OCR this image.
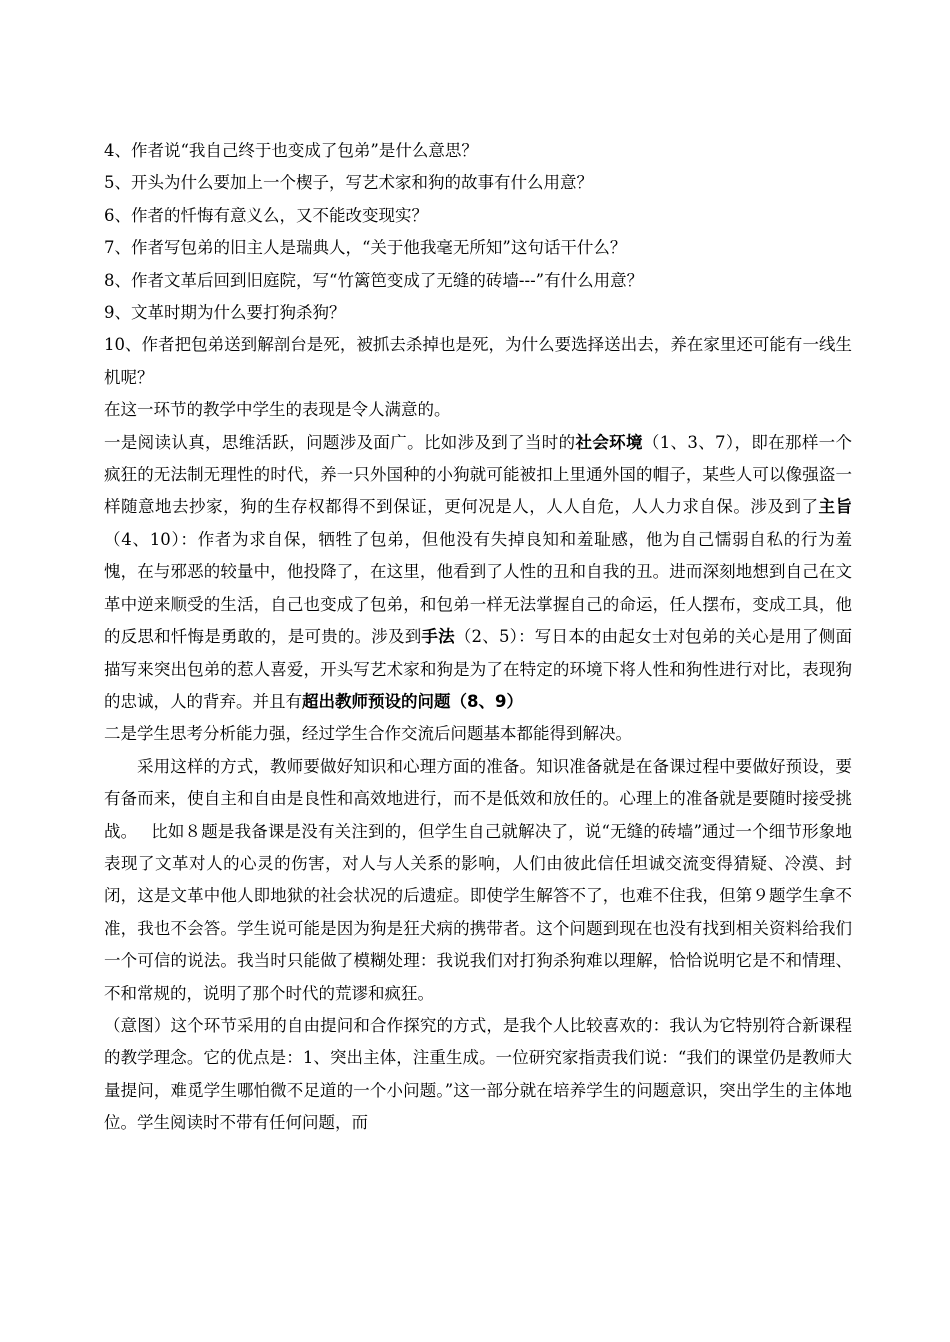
4、作者说“我自己终于也变成了包弟”是什么意思？
5、开头为什么要加上一个楔子，写艺术家和狗的故事有什么用意？
6、作者的忏悔有意义么，又不能改变现实？
7、作者写包弟的旧主人是瑞典人，“关于他我毫无所知”这句话干什么？
8、作者文革后回到旧庭院，写“竹篱笆变成了无缝的砖墙---”有什么用意？
9、文革时期为什么要打狗杀狗？
10、作者把包弟送到解剖台是死，被抓去杀掉也是死，为什么要选择送出去，养在家里还可能有一线生机呢？
在这一环节的教学中学生的表现是令人满意的。
一是阅读认真，思维活跃，问题涉及面广。比如涉及到了当时的社会环境（1、3、7），即在那样一个疯狂的无法制无理性的时代，养一只外国种的小狗就可能被扣上里通外国的帽子，某些人可以像强盗一样随意地去抄家，狗的生存权都得不到保证，更何况是人，人人自危，人人力求自保。涉及到了主旨（4、10）：作者为求自保，牺牲了包弟，但他没有失掉良知和羞耻感，他为自己懦弱自私的行为羞愧，在与邪恶的较量中，他投降了，在这里，他看到了人性的丑和自我的丑。进而深刻地想到自己在文革中逆来顺受的生活，自己也变成了包弟，和包弟一样无法掌握自己的命运，任人摆布，变成工具，他的反思和忏悔是勇敢的，是可贵的。涉及到手法（2、5）：写日本的由起女士对包弟的关心是用了侧面描写来突出包弟的惹人喜爱，开头写艺术家和狗是为了在特定的环境下将人性和狗性进行对比，表现狗的忠诚，人的背弃。并且有超出教师预设的问题（8、9）
二是学生思考分析能力强，经过学生合作交流后问题基本都能得到解决。
采用这样的方式，教师要做好知识和心理方面的准备。知识准备就是在备课过程中要做好预设，要有备而来，使自主和自由是良性和高效地进行，而不是低效和放任的。心理上的准备就是要随时接受挑战。　 比如８题是我备课是没有关注到的，但学生自己就解决了，说“无缝的砖墙”通过一个细节形象地表现了文革对人的心灵的伤害，对人与人关系的影响，人们由彼此信任坦诚交流变得猜疑、冷漠、封闭，这是文革中他人即地狱的社会状况的后遗症。即使学生解答不了，也难不住我，但第９题学生拿不准，我也不会答。学生说可能是因为狗是狂犬病的携带者。这个问题到现在也没有找到相关资料给我们一个可信的说法。我当时只能做了模糊处理：我说我们对打狗杀狗难以理解，恰恰说明它是不和情理、不和常规的，说明了那个时代的荒谬和疯狂。
（意图）这个环节采用的自由提问和合作探究的方式，是我个人比较喜欢的：我认为它特别符合新课程的教学理念。它的优点是：1、突出主体，注重生成。一位研究家指责我们说：“我们的课堂仍是教师大量提问，难觅学生哪怕微不足道的一个小问题。”这一部分就在培养学生的问题意识，突出学生的主体地位。学生阅读时不带有任何问题，而
